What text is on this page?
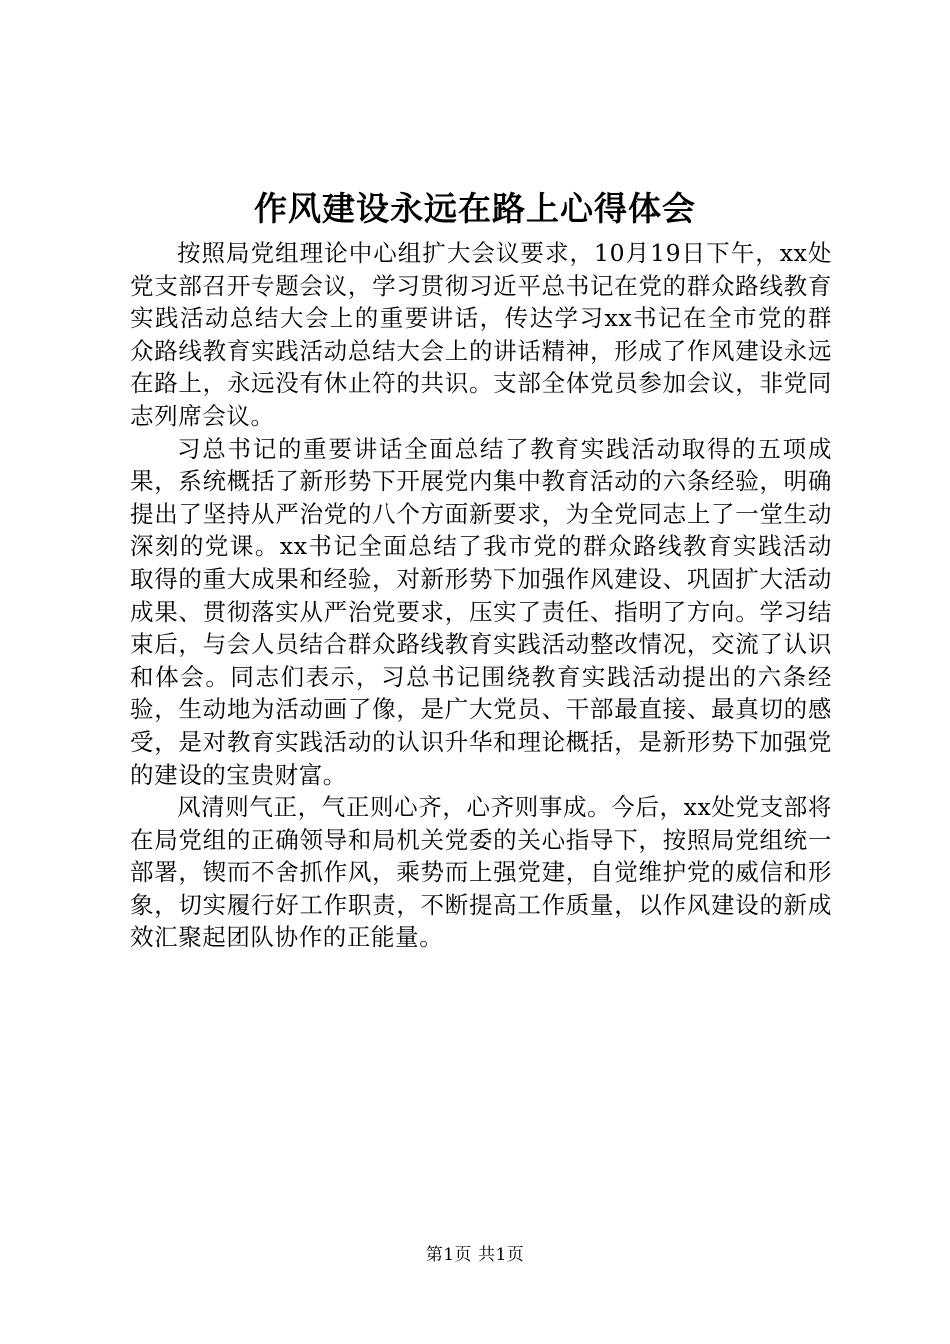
作风建设永远在路上心得体会

按照局党组理论中心组扩大会议要求，10月19日下午，xx处党支部召开专题会议，学习贯彻习近平总书记在党的群众路线教育实践活动总结大会上的重要讲话，传达学习xx书记在全市党的群众路线教育实践活动总结大会上的讲话精神，形成了作风建设永远在路上，永远没有休止符的共识。支部全体党员参加会议，非党同志列席会议。

习总书记的重要讲话全面总结了教育实践活动取得的五项成果，系统概括了新形势下开展党内集中教育活动的六条经验，明确提出了坚持从严治党的八个方面新要求，为全党同志上了一堂生动深刻的党课。xx书记全面总结了我市党的群众路线教育实践活动取得的重大成果和经验，对新形势下加强作风建设、巩固扩大活动成果、贯彻落实从严治党要求，压实了责任、指明了方向。学习结束后，与会人员结合群众路线教育实践活动整改情况，交流了认识和体会。同志们表示，习总书记围绕教育实践活动提出的六条经验，生动地为活动画了像，是广大党员、干部最直接、最真切的感受，是对教育实践活动的认识升华和理论概括，是新形势下加强党的建设的宝贵财富。

风清则气正，气正则心齐，心齐则事成。今后，xx处党支部将在局党组的正确领导和局机关党委的关心指导下，按照局党组统一部署，锲而不舍抓作风，乘势而上强党建，自觉维护党的威信和形象，切实履行好工作职责，不断提高工作质量，以作风建设的新成效汇聚起团队协作的正能量。

第1页 共1页
